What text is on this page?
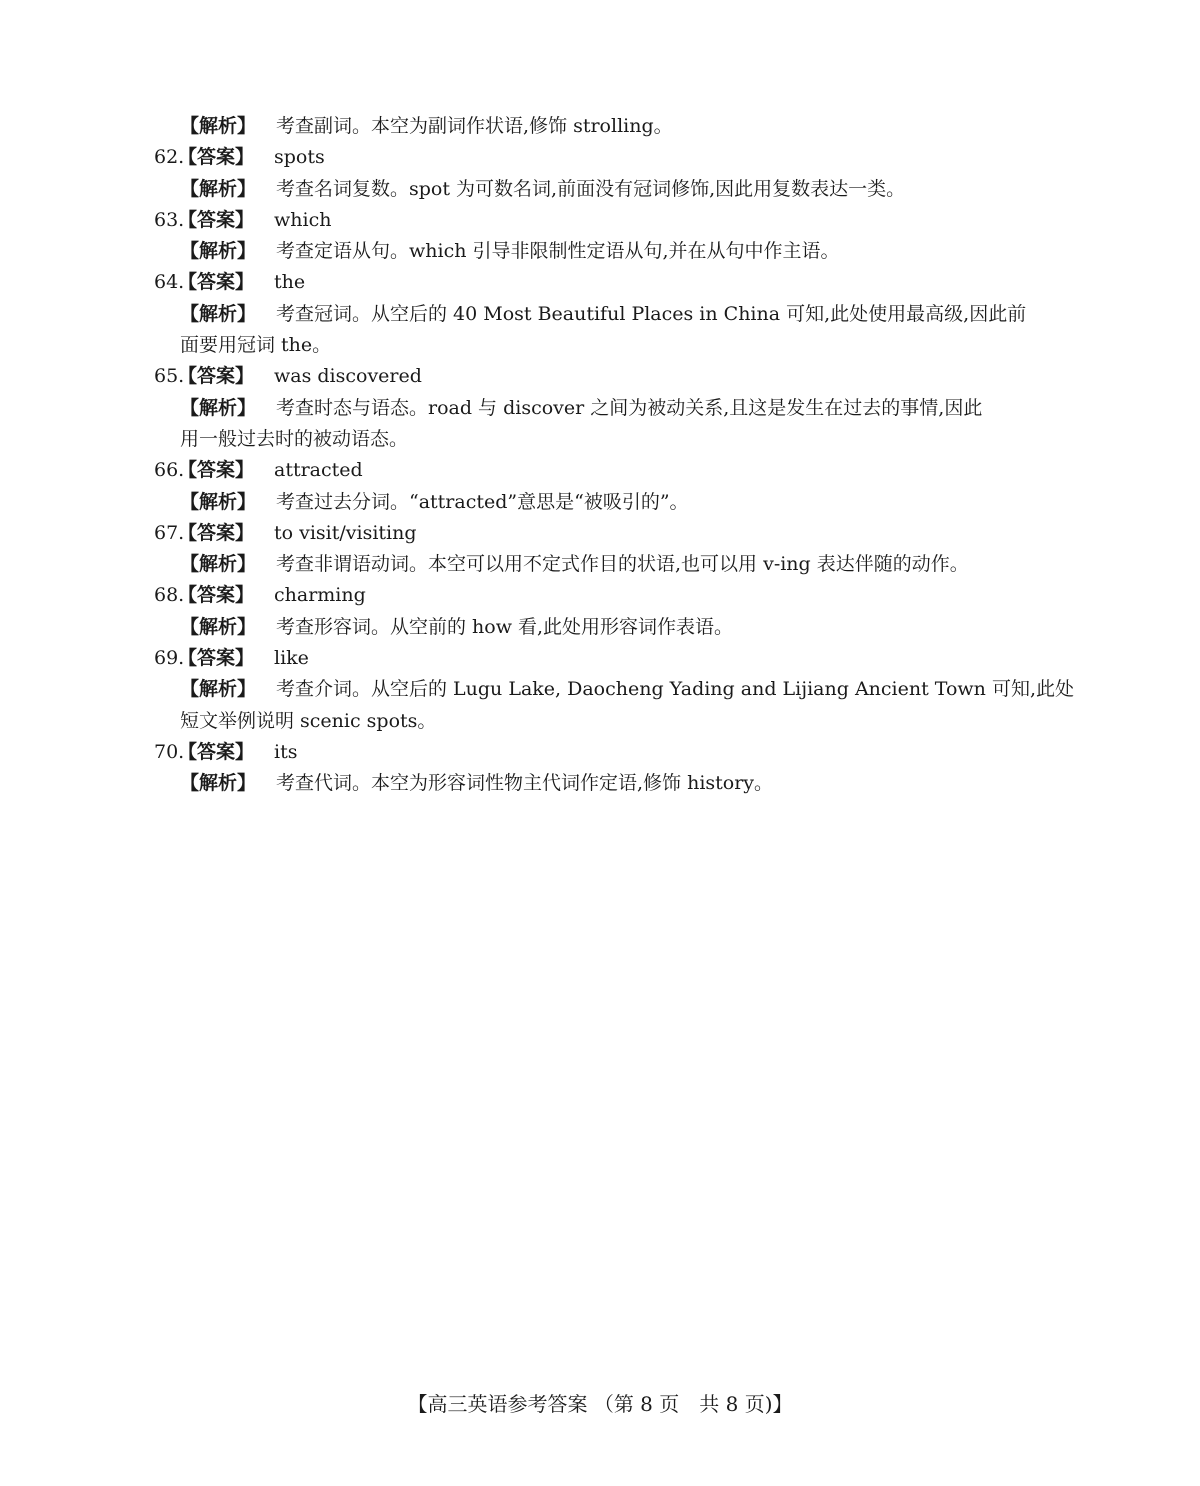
【解析】 考查副词。本空为副词作状语,修饰 strolling。
62.【答案】 spots
【解析】 考查名词复数。spot 为可数名词,前面没有冠词修饰,因此用复数表达一类。
63.【答案】 which
【解析】 考查定语从句。which 引导非限制性定语从句,并在从句中作主语。
64.【答案】 the
【解析】 考查冠词。从空后的 40 Most Beautiful Places in China 可知,此处使用最高级,因此前
面要用冠词 the。
65.【答案】 was discovered
【解析】 考查时态与语态。road 与 discover 之间为被动关系,且这是发生在过去的事情,因此
用一般过去时的被动语态。
66.【答案】 attracted
【解析】 考查过去分词。“attracted”意思是“被吸引的”。
67.【答案】 to visit/visiting
【解析】 考查非谓语动词。本空可以用不定式作目的状语,也可以用 v-ing 表达伴随的动作。
68.【答案】 charming
【解析】 考查形容词。从空前的 how 看,此处用形容词作表语。
69.【答案】 like
【解析】 考查介词。从空后的 Lugu Lake, Daocheng Yading and Lijiang Ancient Town 可知,此处
短文举例说明 scenic spots。
70.【答案】 its
【解析】 考查代词。本空为形容词性物主代词作定语,修饰 history。
【高三英语参考答案 （第 8 页　共 8 页)】
